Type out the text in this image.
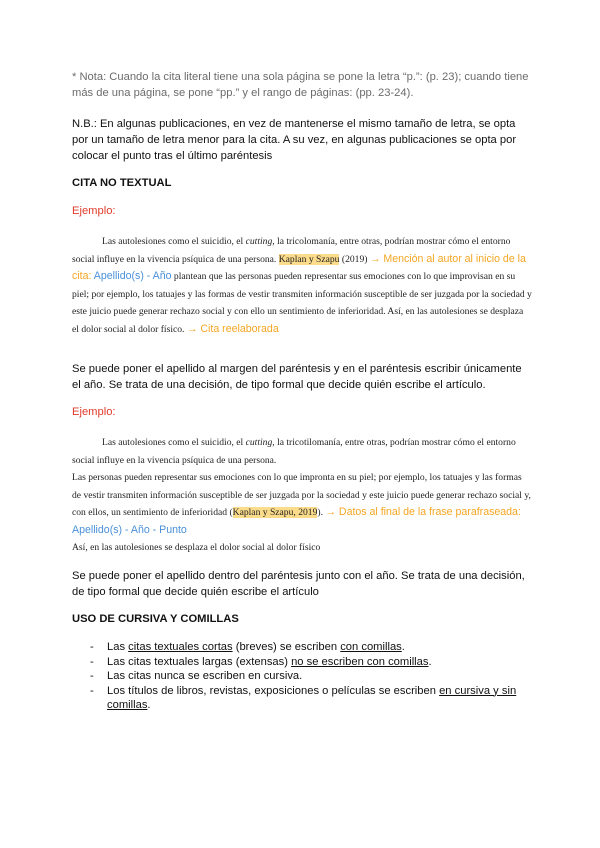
* Nota: Cuando la cita literal tiene una sola página se pone la letra “p.”: (p. 23); cuando tiene más de una página, se pone “pp.” y el rango de páginas: (pp. 23-24).

N.B.: En algunas publicaciones, en vez de mantenerse el mismo tamaño de letra, se opta por un tamaño de letra menor para la cita. A su vez, en algunas publicaciones se opta por colocar el punto tras el último paréntesis

CITA NO TEXTUAL

Ejemplo:

Las autolesiones como el suicidio, el cutting, la tricolomanía, entre otras, podrían mostrar cómo el entorno social influye en la vivencia psíquica de una persona. Kaplan y Szapu (2019) → Mención al autor al inicio de la cita: Apellido(s) - Año plantean que las personas pueden representar sus emociones con lo que improvisan en su piel; por ejemplo, los tatuajes y las formas de vestir transmiten información susceptible de ser juzgada por la sociedad y este juicio puede generar rechazo social y con ello un sentimiento de inferioridad. Así, en las autolesiones se desplaza el dolor social al dolor físico. → Cita reelaborada

Se puede poner el apellido al margen del paréntesis y en el paréntesis escribir únicamente el año. Se trata de una decisión, de tipo formal que decide quién escribe el artículo.

Ejemplo:

Las autolesiones como el suicidio, el cutting, la tricotilomanía, entre otras, podrían mostrar cómo el entorno social influye en la vivencia psíquica de una persona.

Las personas pueden representar sus emociones con lo que impronta en su piel; por ejemplo, los tatuajes y las formas de vestir transmiten información susceptible de ser juzgada por la sociedad y este juicio puede generar rechazo social y, con ellos, un sentimiento de inferioridad (Kaplan y Szapu, 2019). → Datos al final de la frase parafraseada: Apellido(s) - Año - Punto

Así, en las autolesiones se desplaza el dolor social al dolor físico

Se puede poner el apellido dentro del paréntesis junto con el año. Se trata de una decisión, de tipo formal que decide quién escribe el artículo

USO DE CURSIVA Y COMILLAS

- Las citas textuales cortas (breves) se escriben con comillas.
- Las citas textuales largas (extensas) no se escriben con comillas.
- Las citas nunca se escriben en cursiva.
- Los títulos de libros, revistas, exposiciones o películas se escriben en cursiva y sin comillas.
